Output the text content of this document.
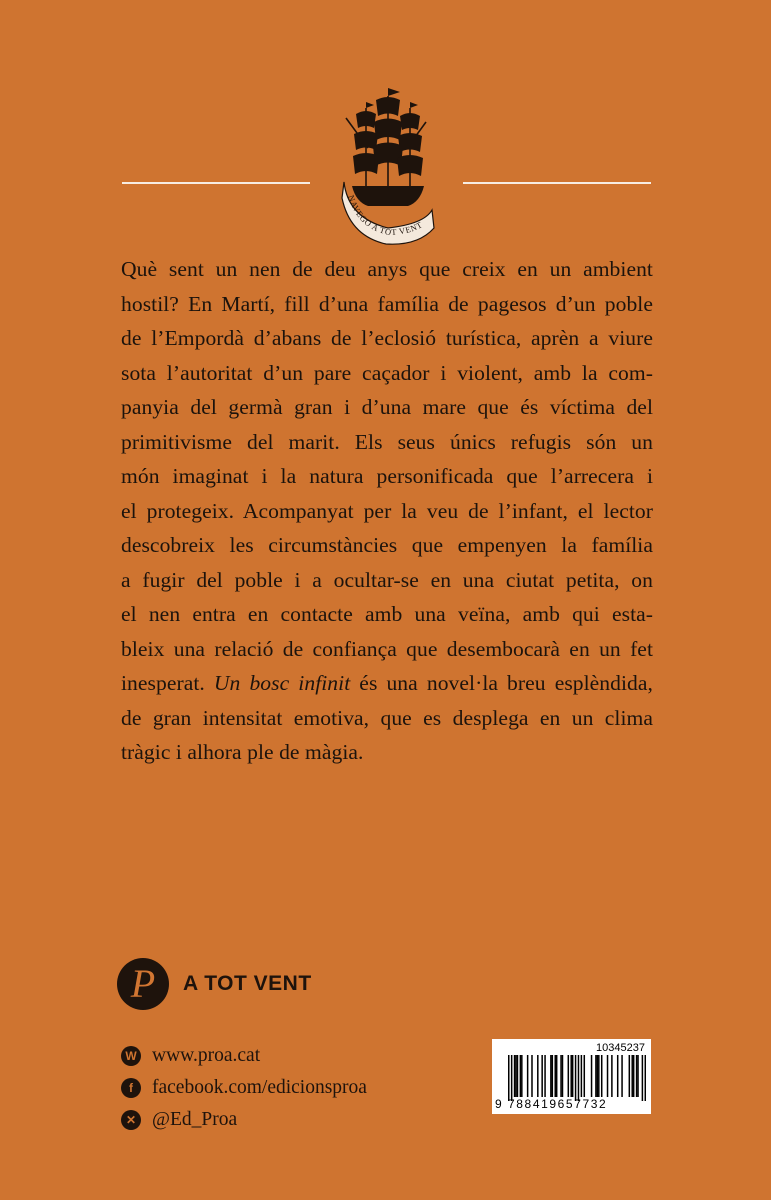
NAVEGO A TOT VENT
Què sent un nen de deu anys que creix en un ambient
hostil? En Martí, fill d’una família de pagesos d’un poble
de l’Empordà d’abans de l’eclosió turística, aprèn a viure
sota l’autoritat d’un pare caçador i violent, amb la com-
panyia del germà gran i d’una mare que és víctima del
primitivisme del marit. Els seus únics refugis són un
món imaginat i la natura personificada que l’arrecera i
el protegeix. Acompanyat per la veu de l’infant, el lector
descobreix les circumstàncies que empenyen la família
a fugir del poble i a ocultar-se en una ciutat petita, on
el nen entra en contacte amb una veïna, amb qui esta-
bleix una relació de confiança que desembocarà en un fet
inesperat. Un bosc infinit és una novel·la breu esplèndida,
de gran intensitat emotiva, que es desplega en un clima
tràgic i alhora ple de màgia.
P	A TOT VENT
W www.proa.cat
f facebook.com/edicionsproa
✕ @Ed_Proa
10345237
9 788419657732
